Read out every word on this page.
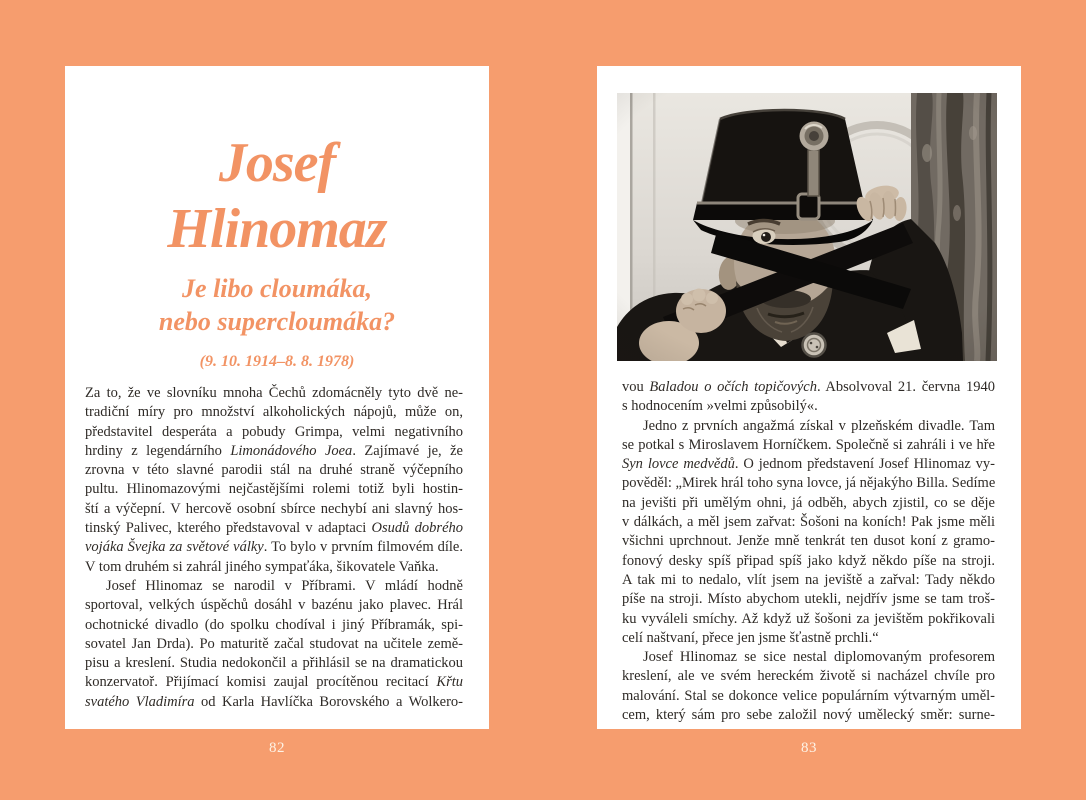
Josef
Hlinomaz
Je libo cloumáka,
nebo supercloumáka?
(9. 10. 1914–8. 8. 1978)
Za to, že ve slovníku mnoha Čechů zdomácněly tyto dvě ne-
tradiční míry pro množství alkoholických nápojů, může on,
představitel desperáta a pobudy Grimpa, velmi negativního
hrdiny z legendárního Limonádového Joea. Zajímavé je, že
zrovna v této slavné parodii stál na druhé straně výčepního
pultu. Hlinomazovými nejčastějšími rolemi totiž byli hostin-
ští a výčepní. V hercově osobní sbírce nechybí ani slavný hos-
tinský Palivec, kterého představoval v adaptaci Osudů dobrého
vojáka Švejka za světové války. To bylo v prvním filmovém díle.
V tom druhém si zahrál jiného sympaťáka, šikovatele Vaňka.
Josef Hlinomaz se narodil v Příbrami. V mládí hodně
sportoval, velkých úspěchů dosáhl v bazénu jako plavec. Hrál
ochotnické divadlo (do spolku chodíval i jiný Příbramák, spi-
sovatel Jan Drda). Po maturitě začal studovat na učitele země-
pisu a kreslení. Studia nedokončil a přihlásil se na dramatickou
konzervatoř. Přijímací komisi zaujal procítěnou recitací Křtu
svatého Vladimíra od Karla Havlíčka Borovského a Wolkero-
vou Baladou o očích topičových. Absolvoval 21. června 1940
s hodnocením »velmi způsobilý«.
Jedno z prvních angažmá získal v plzeňském divadle. Tam
se potkal s Miroslavem Horníčkem. Společně si zahráli i ve hře
Syn lovce medvědů. O jednom představení Josef Hlinomaz vy-
pověděl: „Mirek hrál toho syna lovce, já nějakýho Billa. Sedíme
na jevišti při umělým ohni, já odběh, abych zjistil, co se děje
v dálkách, a měl jsem zařvat: Šošoni na koních! Pak jsme měli
všichni uprchnout. Jenže mně tenkrát ten dusot koní z gramo-
fonový desky spíš připad spíš jako když někdo píše na stroji.
A tak mi to nedalo, vlít jsem na jeviště a zařval: Tady někdo
píše na stroji. Místo abychom utekli, nejdřív jsme se tam troš-
ku vyváleli smíchy. Až když už šošoni za jevištěm pokřikovali
celí naštvaní, přece jen jsme šťastně prchli.“
Josef Hlinomaz se sice nestal diplomovaným profesorem
kreslení, ale ve svém hereckém životě si nacházel chvíle pro
malování. Stal se dokonce velice populárním výtvarným uměl-
cem, který sám pro sebe založil nový umělecký směr: surne-
82	83
